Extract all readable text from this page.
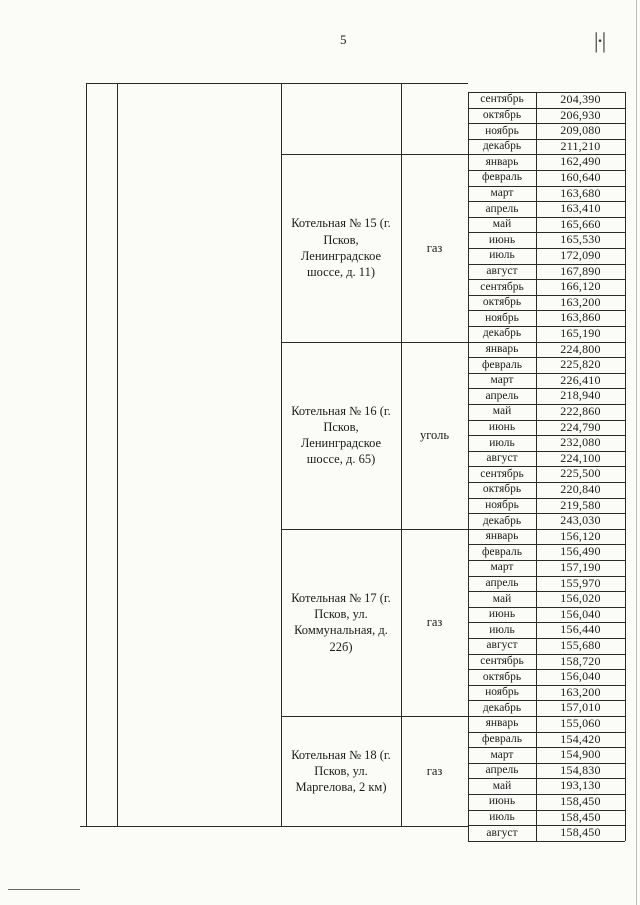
5	|·|
сентябрь	204,390
октябрь	206,930
ноябрь	209,080
декабрь	211,210
Котельная № 15 (г. Псков, Ленинградское шоссе, д. 11)
газ
январь	162,490
февраль	160,640
март	163,680
апрель	163,410
май	165,660
июнь	165,530
июль	172,090
август	167,890
сентябрь	166,120
октябрь	163,200
ноябрь	163,860
декабрь	165,190
Котельная № 16 (г. Псков, Ленинградское шоссе, д. 65)
уголь
январь	224,800
февраль	225,820
март	226,410
апрель	218,940
май	222,860
июнь	224,790
июль	232,080
август	224,100
сентябрь	225,500
октябрь	220,840
ноябрь	219,580
декабрь	243,030
Котельная № 17 (г. Псков, ул. Коммунальная, д. 22б)
газ
январь	156,120
февраль	156,490
март	157,190
апрель	155,970
май	156,020
июнь	156,040
июль	156,440
август	155,680
сентябрь	158,720
октябрь	156,040
ноябрь	163,200
декабрь	157,010
Котельная № 18 (г. Псков, ул. Маргелова, 2 км)
газ
январь	155,060
февраль	154,420
март	154,900
апрель	154,830
май	193,130
июнь	158,450
июль	158,450
август	158,450
